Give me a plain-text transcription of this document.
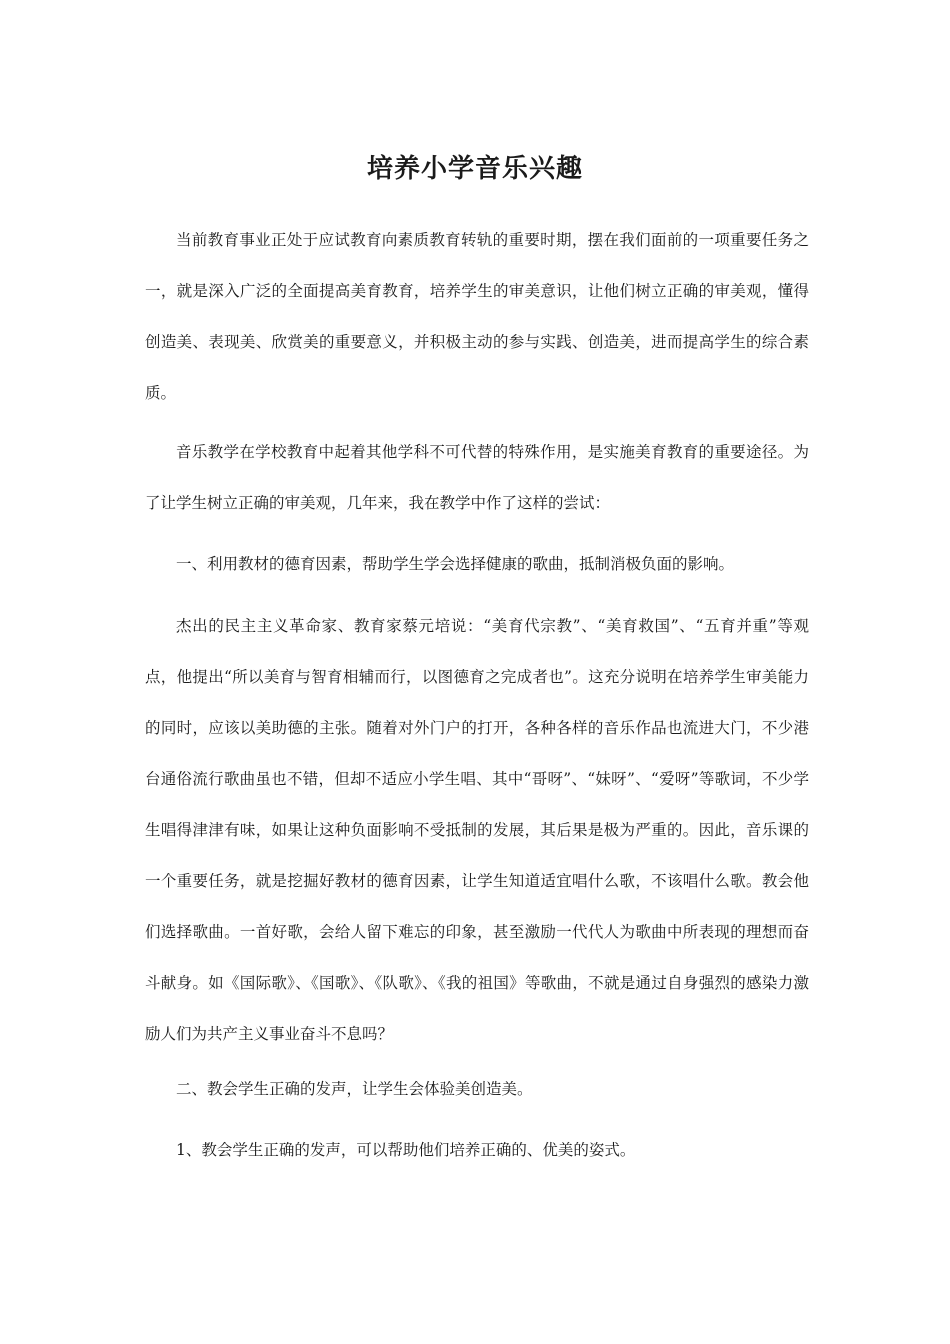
培养小学音乐兴趣

当前教育事业正处于应试教育向素质教育转轨的重要时期，摆在我们面前的一项重要任务之一，就是深入广泛的全面提高美育教育，培养学生的审美意识，让他们树立正确的审美观，懂得创造美、表现美、欣赏美的重要意义，并积极主动的参与实践、创造美，进而提高学生的综合素质。

音乐教学在学校教育中起着其他学科不可代替的特殊作用，是实施美育教育的重要途径。为了让学生树立正确的审美观，几年来，我在教学中作了这样的尝试：

一、利用教材的德育因素，帮助学生学会选择健康的歌曲，抵制消极负面的影响。

杰出的民主主义革命家、教育家蔡元培说：“美育代宗教”、“美育救国”、“五育并重”等观点，他提出“所以美育与智育相辅而行，以图德育之完成者也”。这充分说明在培养学生审美能力的同时，应该以美助德的主张。随着对外门户的打开，各种各样的音乐作品也流进大门，不少港台通俗流行歌曲虽也不错，但却不适应小学生唱、其中“哥呀”、“妹呀”、“爱呀”等歌词，不少学生唱得津津有味，如果让这种负面影响不受抵制的发展，其后果是极为严重的。因此，音乐课的一个重要任务，就是挖掘好教材的德育因素，让学生知道适宜唱什么歌，不该唱什么歌。教会他们选择歌曲。一首好歌，会给人留下难忘的印象，甚至激励一代代人为歌曲中所表现的理想而奋斗献身。如《国际歌》、《国歌》、《队歌》、《我的祖国》等歌曲，不就是通过自身强烈的感染力激励人们为共产主义事业奋斗不息吗？

二、教会学生正确的发声，让学生会体验美创造美。

1、教会学生正确的发声，可以帮助他们培养正确的、优美的姿式。
